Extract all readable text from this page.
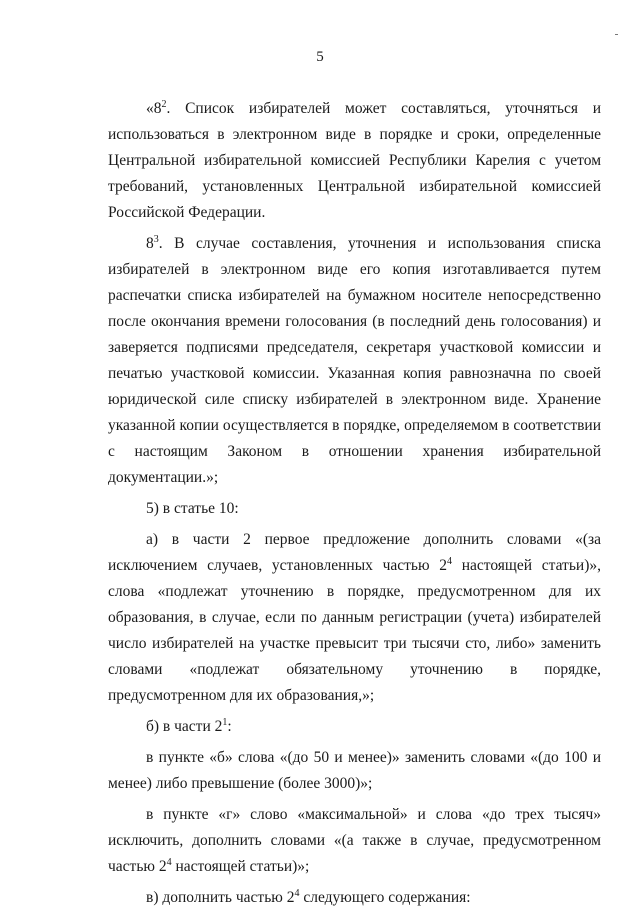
5

«$8^2$. Список избирателей может составляться, уточняться и использоваться в электронном виде в порядке и сроки, определенные Центральной избирательной комиссией Республики Карелия с учетом требований, установленных Центральной избирательной комиссией Российской Федерации.

$8^3$. В случае составления, уточнения и использования списка избирателей в электронном виде его копия изготавливается путем распечатки списка избирателей на бумажном носителе непосредственно после окончания времени голосования (в последний день голосования) и заверяется подписями председателя, секретаря участковой комиссии и печатью участковой комиссии. Указанная копия равнозначна по своей юридической силе списку избирателей в электронном виде. Хранение указанной копии осуществляется в порядке, определяемом в соответствии с настоящим Законом в отношении хранения избирательной документации.»;

5) в статье 10:

а) в части 2 первое предложение дополнить словами «(за исключением случаев, установленных частью $2^4$ настоящей статьи)», слова «подлежат уточнению в порядке, предусмотренном для их образования, в случае, если по данным регистрации (учета) избирателей число избирателей на участке превысит три тысячи сто, либо» заменить словами «подлежат обязательному уточнению в порядке, предусмотренном для их образования,»;

б) в части $2^1$:

в пункте «б» слова «(до 50 и менее)» заменить словами «(до 100 и менее) либо превышение (более 3000)»;

в пункте «г» слово «максимальной» и слова «до трех тысяч» исключить, дополнить словами «(а также в случае, предусмотренном частью $2^4$ настоящей статьи)»;

в) дополнить частью $2^4$ следующего содержания:
